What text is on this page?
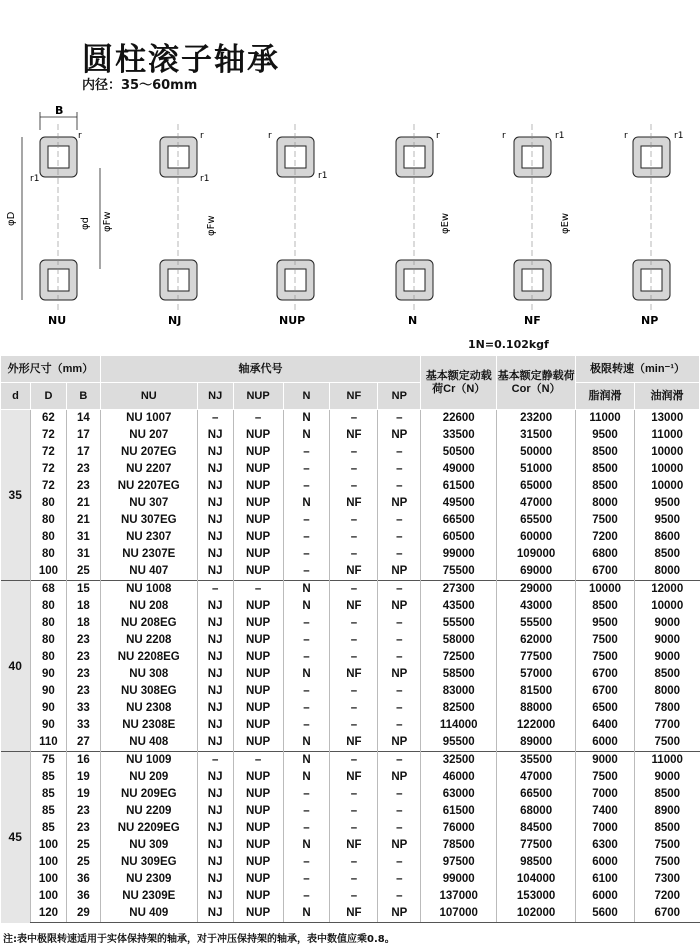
圆柱滚子轴承
内径：35～60mm
B
φD
r
r1
φd φFw
NU
r
r1
φFw
NJ
r
r1
NUP
r
φEw
N
r	r1
φEw
NF
r	r1
NP
1N=0.102kgf
外形尺寸（mm）			轴承代号						基本额定动载荷Cr（N）	基本额定静载荷Cor（N）	极限转速（min⁻¹）	
d	D	B	NU	NJ	NUP	N	NF	NP			脂润滑	油润滑
35	62	14	NU 1007	–	–	N	–	–	22600	23200	11000	13000
	72	17	NU 207	NJ	NUP	N	NF	NP	33500	31500	9500	11000
	72	17	NU 207EG	NJ	NUP	–	–	–	50500	50000	8500	10000
	72	23	NU 2207	NJ	NUP	–	–	–	49000	51000	8500	10000
	72	23	NU 2207EG	NJ	NUP	–	–	–	61500	65000	8500	10000
	80	21	NU 307	NJ	NUP	N	NF	NP	49500	47000	8000	9500
	80	21	NU 307EG	NJ	NUP	–	–	–	66500	65500	7500	9500
	80	31	NU 2307	NJ	NUP	–	–	–	60500	60000	7200	8600
	80	31	NU 2307E	NJ	NUP	–	–	–	99000	109000	6800	8500
	100	25	NU 407	NJ	NUP	–	NF	NP	75500	69000	6700	8000
40	68	15	NU 1008	–	–	N	–	–	27300	29000	10000	12000
	80	18	NU 208	NJ	NUP	N	NF	NP	43500	43000	8500	10000
	80	18	NU 208EG	NJ	NUP	–	–	–	55500	55500	9500	9000
	80	23	NU 2208	NJ	NUP	–	–	–	58000	62000	7500	9000
	80	23	NU 2208EG	NJ	NUP	–	–	–	72500	77500	7500	9000
	90	23	NU 308	NJ	NUP	N	NF	NP	58500	57000	6700	8500
	90	23	NU 308EG	NJ	NUP	–	–	–	83000	81500	6700	8000
	90	33	NU 2308	NJ	NUP	–	–	–	82500	88000	6500	7800
	90	33	NU 2308E	NJ	NUP	–	–	–	114000	122000	6400	7700
	110	27	NU 408	NJ	NUP	N	NF	NP	95500	89000	6000	7500
45	75	16	NU 1009	–	–	N	–	–	32500	35500	9000	11000
	85	19	NU 209	NJ	NUP	N	NF	NP	46000	47000	7500	9000
	85	19	NU 209EG	NJ	NUP	–	–	–	63000	66500	7000	8500
	85	23	NU 2209	NJ	NUP	–	–	–	61500	68000	7400	8900
	85	23	NU 2209EG	NJ	NUP	–	–	–	76000	84500	7000	8500
	100	25	NU 309	NJ	NUP	N	NF	NP	78500	77500	6300	7500
	100	25	NU 309EG	NJ	NUP	–	–	–	97500	98500	6000	7500
	100	36	NU 2309	NJ	NUP	–	–	–	99000	104000	6100	7300
	100	36	NU 2309E	NJ	NUP	–	–	–	137000	153000	6000	7200
	120	29	NU 409	NJ	NUP	N	NF	NP	107000	102000	5600	6700
注:表中极限转速适用于实体保持架的轴承，对于冲压保持架的轴承，表中数值应乘0.8。
